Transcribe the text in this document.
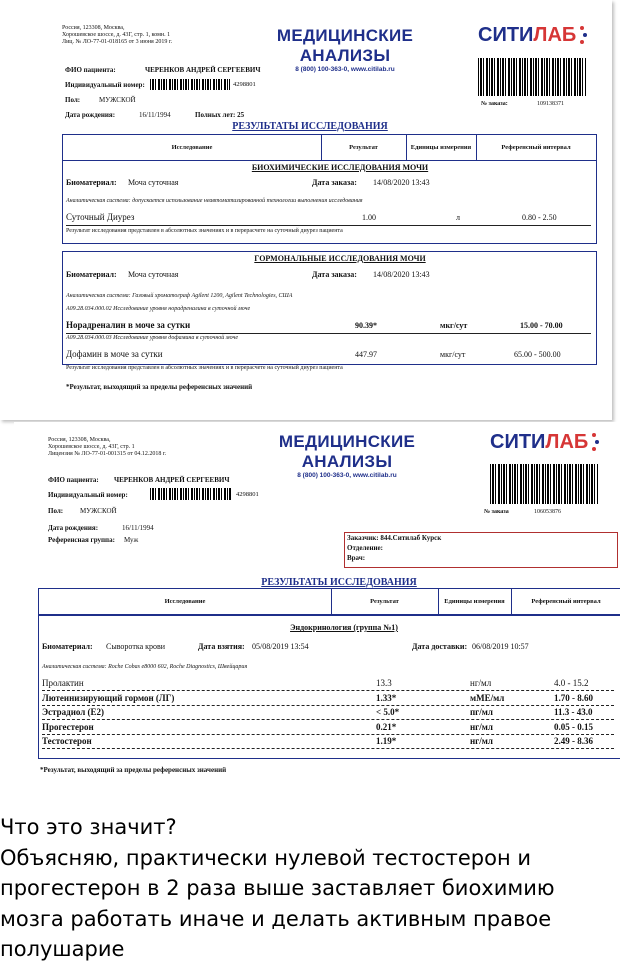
Россия, 123308, Москва,
Хорошевское шоссе, д. 43Г, стр. 1, комн. 1
Лиц. № ЛО-77-01-018165 от 3 июня 2019 г.	МЕДИЦИНСКИЕ АНАЛИЗЫ
8 (800) 100-363-0, www.citilab.ru
СИТИЛАБ
ФИО пациента:	ЧЕРЕНКОВ АНДРЕЙ СЕРГЕЕВИЧ
Индивидуальный номер:	4298801
Пол:	МУЖСКОЙ
Дата рождения:	16/11/1994	Полных лет: 25
№ заказа:	109138371
РЕЗУЛЬТАТЫ ИССЛЕДОВАНИЯ
Исследование	Результат	Единицы измерения	Референсный интервал
БИОХИМИЧЕСКИЕ ИССЛЕДОВАНИЯ МОЧИ
Биоматериал: Моча суточная	Дата заказа: 14/08/2020 13:43
Аналитическая система: допускается использование неавтоматизированной технологии выполнения исследования
Суточный Диурез	1.00	л	0.80 - 2.50
Результат исследования представлен в абсолютных значениях и в перерасчете на суточный диурез пациента
ГОРМОНАЛЬНЫЕ ИССЛЕДОВАНИЯ МОЧИ
Биоматериал: Моча суточная	Дата заказа: 14/08/2020 13:43
Аналитическая система: Газовый хроматограф Agilent 1200, Agilent Technologies, США
А09.28.034.000.02 Исследование уровня норадреналина в суточной моче
Норадреналин в моче за сутки	90.39*	мкг/сут	15.00 - 70.00
А09.28.034.000.03 Исследование уровня дофамина в суточной моче
Дофамин в моче за сутки	447.97	мкг/сут	65.00 - 500.00
Результат исследования представлен в абсолютных значениях и в перерасчете на суточный диурез пациента
*Результат, выходящий за пределы референсных значений
Россия, 123308, Москва,
Хорошевское шоссе, д. 43Г, стр. 1
Лицензия № ЛО-77-01-001315 от 04.12.2018 г.
МЕДИЦИНСКИЕ АНАЛИЗЫ
8 (800) 100-363-0, www.citilab.ru
СИТИЛАБ
ФИО пациента: ЧЕРЕНКОВ АНДРЕЙ СЕРГЕЕВИЧ
Индивидуальный номер:	4298801
Пол: МУЖСКОЙ
Дата рождения:	16/11/1994
Референсная группа: Муж
№ заказа	106053876
Заказчик: 844.Ситилаб Курск
Отделение:
Врач:
РЕЗУЛЬТАТЫ ИССЛЕДОВАНИЯ
Исследование	Результат	Единицы измерения	Референсный интервал
Эндокринология (группа №1)
Биоматериал: Сыворотка крови	Дата взятия: 05/08/2019 13:54	Дата доставки: 06/08/2019 10:57
Аналитическая система: Roche Cobas e8000 602, Roche Diagnostics, Швейцария
Пролактин	13.3	нг/мл	4.0 - 15.2
Лютеинизирующий гормон (ЛГ)	1.33*	мМЕ/мл	1.70 - 8.60
Эстрадиол (Е2)	< 5.0*	пг/мл	11.3 - 43.0
Прогестерон	0.21*	нг/мл	0.05 - 0.15
Тестостерон	1.19*	нг/мл	2.49 - 8.36
*Результат, выходящий за пределы референсных значений
Что это значит?
Объясняю, практически нулевой тестостерон и
прогестерон в 2 раза выше заставляет биохимию
мозга работать иначе и делать активным правое
полушарие
